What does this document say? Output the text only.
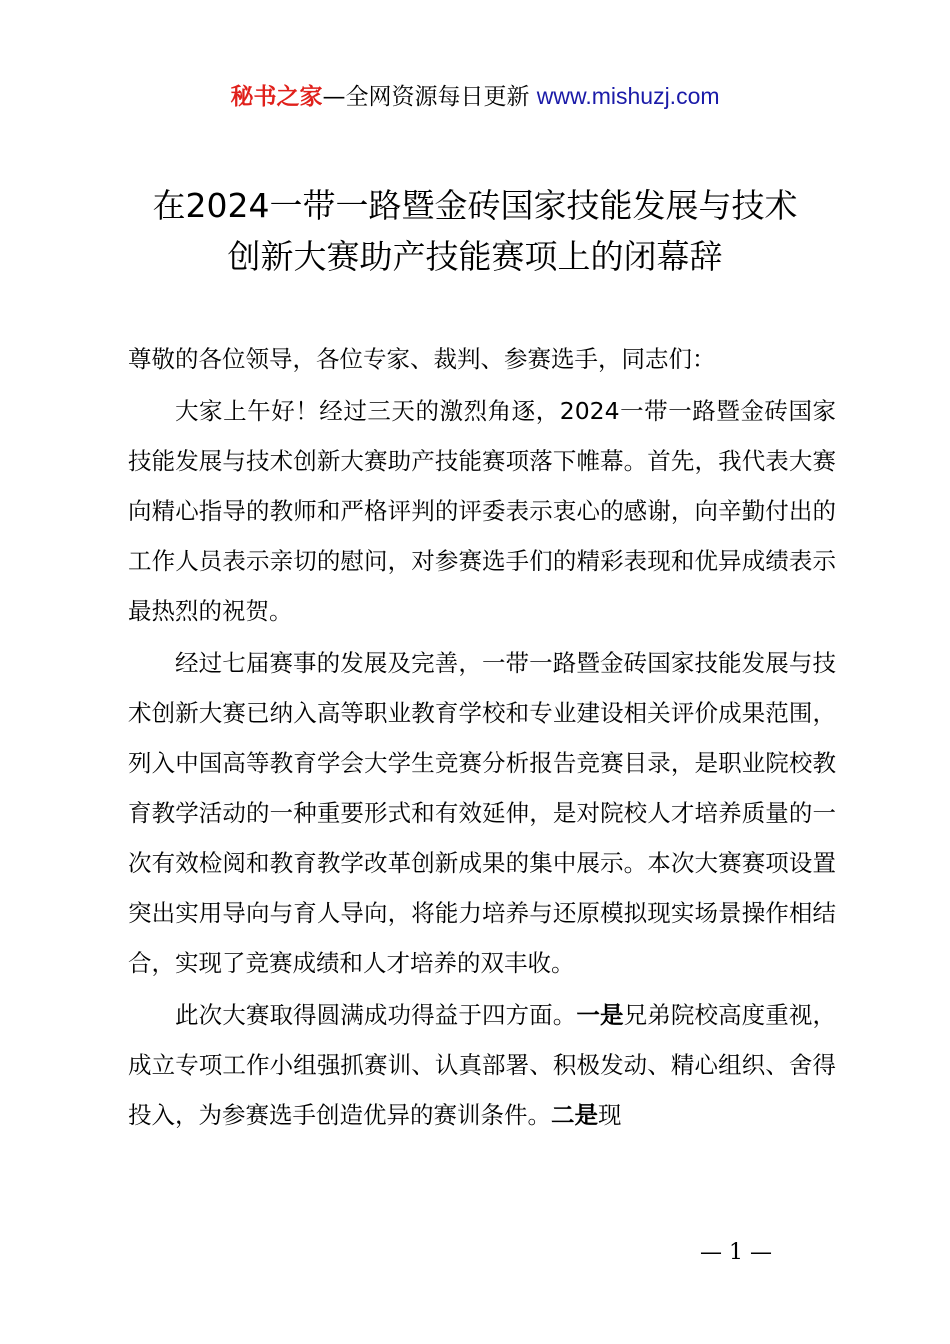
秘书之家—全网资源每日更新 www.mishuzj.com
在2024一带一路暨金砖国家技能发展与技术
创新大赛助产技能赛项上的闭幕辞

尊敬的各位领导，各位专家、裁判、参赛选手，同志们：

大家上午好！经过三天的激烈角逐，2024一带一路暨金砖国家技能发展与技术创新大赛助产技能赛项落下帷幕。首先，我代表大赛向精心指导的教师和严格评判的评委表示衷心的感谢，向辛勤付出的工作人员表示亲切的慰问，对参赛选手们的精彩表现和优异成绩表示最热烈的祝贺。

经过七届赛事的发展及完善，一带一路暨金砖国家技能发展与技术创新大赛已纳入高等职业教育学校和专业建设相关评价成果范围，列入中国高等教育学会大学生竞赛分析报告竞赛目录，是职业院校教育教学活动的一种重要形式和有效延伸，是对院校人才培养质量的一次有效检阅和教育教学改革创新成果的集中展示。本次大赛赛项设置突出实用导向与育人导向，将能力培养与还原模拟现实场景操作相结合，实现了竞赛成绩和人才培养的双丰收。

此次大赛取得圆满成功得益于四方面。一是兄弟院校高度重视，成立专项工作小组强抓赛训、认真部署、积极发动、精心组织、舍得投入，为参赛选手创造优异的赛训条件。二是现

— 1 —
